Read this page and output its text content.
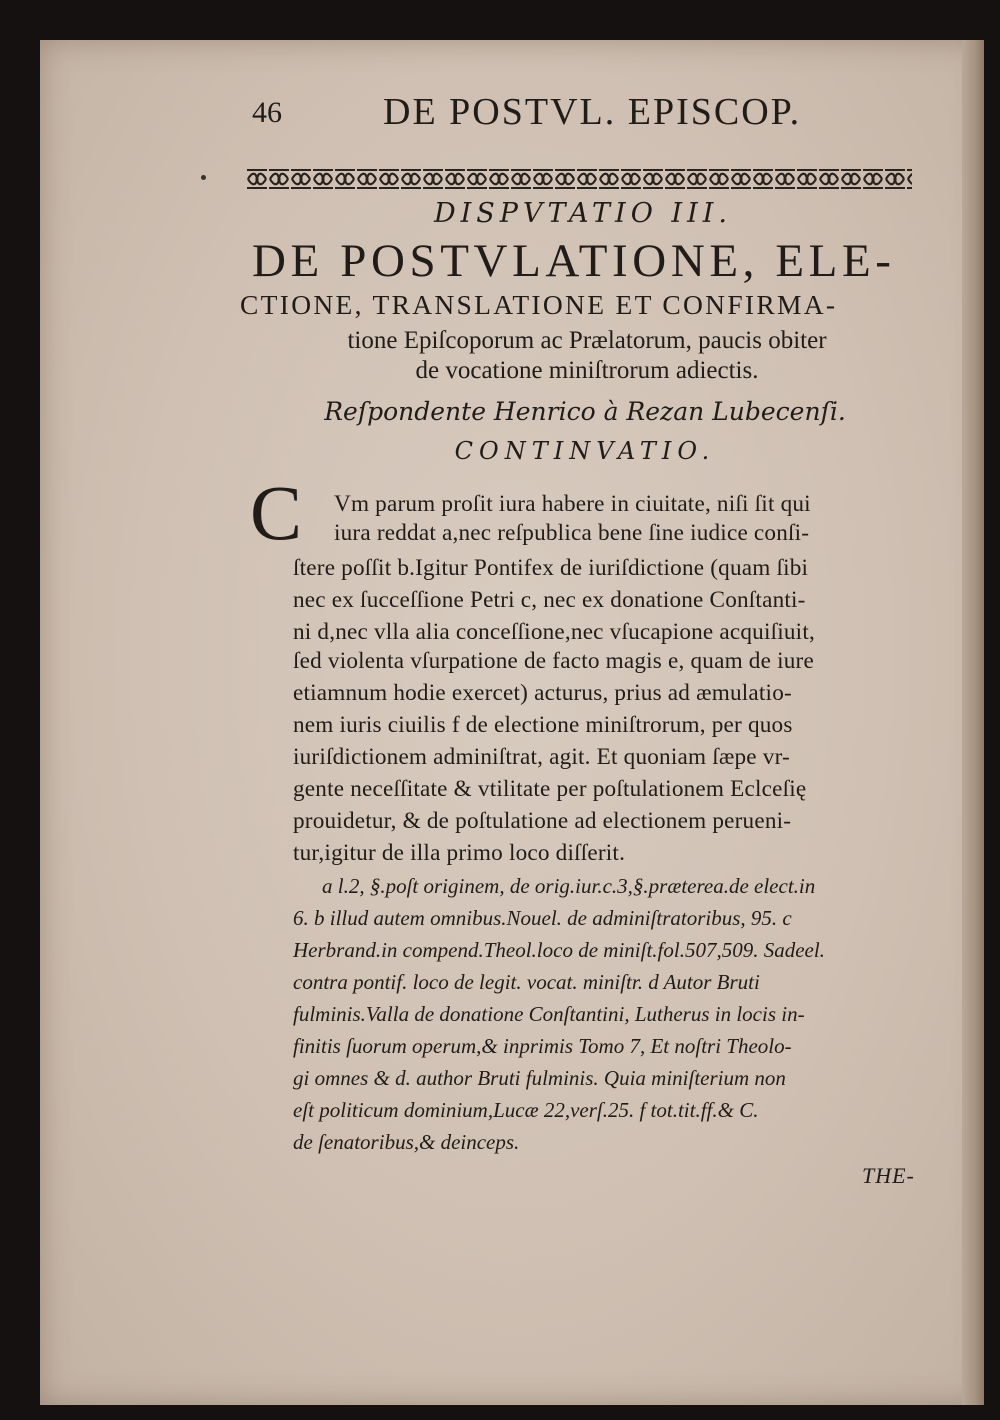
46	DE POSTVL. EPISCOP.
DISPVTATIO III.
DE POSTVLATIONE, ELE-
CTIONE, TRANSLATIONE ET CONFIRMA-
tione Epiſcoporum ac Prælatorum, paucis obiter
de vocatione miniſtrorum adiectis.
Reſpondente Henrico à Rezan Lubecenſi.
CONTINVATIO.
C Vm parum proſit iura habere in ciuitate, niſi ſit qui
iura reddat a,nec reſpublica bene ſine iudice conſi-
ſtere poſſit b.Igitur Pontifex de iuriſdictione (quam ſibi
nec ex ſucceſſione Petri c, nec ex donatione Conſtanti-
ni d,nec vlla alia conceſſione,nec vſucapione acquiſiuit,
ſed violenta vſurpatione de facto magis e, quam de iure
etiamnum hodie exercet) acturus, prius ad æmulatio-
nem iuris ciuilis f de electione miniſtrorum, per quos
iuriſdictionem adminiſtrat, agit. Et quoniam ſæpe vr-
gente neceſſitate & vtilitate per poſtulationem Eclceſię
prouidetur, & de poſtulatione ad electionem perueni-
tur,igitur de illa primo loco diſſerit.
a l.2, §.poſt originem, de orig.iur.c.3,§.præterea.de elect.in
6. b illud autem omnibus.Nouel. de adminiſtratoribus, 95. c
Herbrand.in compend.Theol.loco de miniſt.fol.507,509. Sadeel.
contra pontif. loco de legit. vocat. miniſtr. d Autor Bruti
fulminis.Valla de donatione Conſtantini, Lutherus in locis in-
finitis ſuorum operum,& inprimis Tomo 7, Et noſtri Theolo-
gi omnes & d. author Bruti fulminis. Quia miniſterium non
eſt politicum dominium,Lucæ 22,verſ.25. f tot.tit.ff.& C.
de ſenatoribus,& deinceps.
THE-
